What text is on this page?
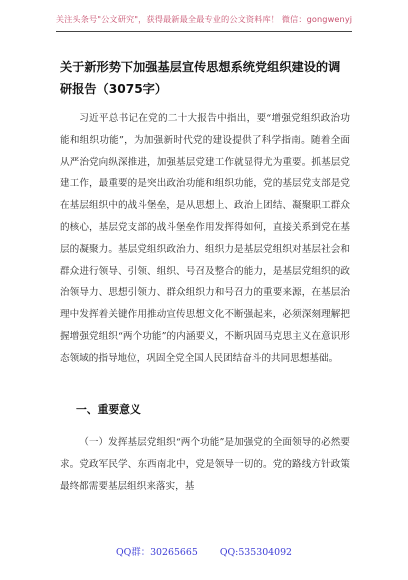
关注头条号"公文研究"，获得最新最全最专业的公文资料库！ 微信：gongwenyj
关于新形势下加强基层宣传思想系统党组织建设的调研报告（3075字）

习近平总书记在党的二十大报告中指出，要“增强党组织政治功能和组织功能”，为加强新时代党的建设提供了科学指南。随着全面从严治党向纵深推进，加强基层党建工作就显得尤为重要。抓基层党建工作，最重要的是突出政治功能和组织功能，党的基层党支部是党在基层组织中的战斗堡垒，是从思想上、政治上团结、凝聚职工群众的核心，基层党支部的战斗堡垒作用发挥得如何，直接关系到党在基层的凝聚力。基层党组织政治力、组织力是基层党组织对基层社会和群众进行领导、引领、组织、号召及整合的能力，是基层党组织的政治领导力、思想引领力、群众组织力和号召力的重要来源，在基层治理中发挥着关键作用推动宣传思想文化不断强起来，必须深刻理解把握增强党组织“两个功能”的内涵要义，不断巩固马克思主义在意识形态领域的指导地位，巩固全党全国人民团结奋斗的共同思想基础。

一、重要意义

（一）发挥基层党组织“两个功能”是加强党的全面领导的必然要求。党政军民学、东西南北中，党是领导一切的。党的路线方针政策最终都需要基层组织来落实，基

QQ群：30265665 QQ:535304092
